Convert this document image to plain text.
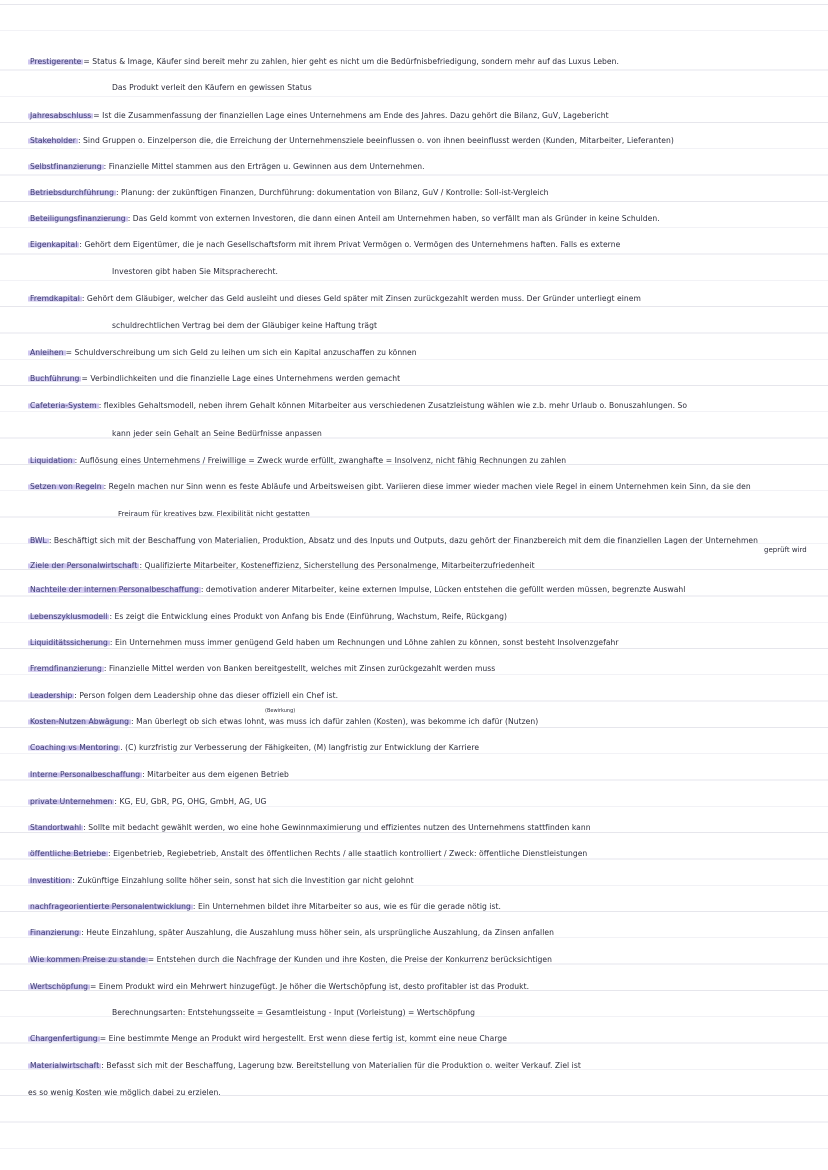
Prestigerente = Status & Image, Käufer sind bereit mehr zu zahlen, hier geht es nicht um die Bedürfnisbefriedigung, sondern mehr auf das Luxus Leben.
Das Produkt verleit den Käufern en gewissen Status
Jahresabschluss = Ist die Zusammenfassung der finanziellen Lage eines Unternehmens am Ende des Jahres. Dazu gehört die Bilanz, GuV, Lagebericht
Stakeholder : Sind Gruppen o. Einzelperson die, die Erreichung der Unternehmensziele beeinflussen o. von ihnen beeinflusst werden (Kunden, Mitarbeiter, Lieferanten)
Selbstfinanzierung : Finanzielle Mittel stammen aus den Erträgen u. Gewinnen aus dem Unternehmen.
Betriebsdurchführung : Planung: der zukünftigen Finanzen, Durchführung: dokumentation von Bilanz, GuV / Kontrolle: Soll-ist-Vergleich
Beteiligungsfinanzierung : Das Geld kommt von externen Investoren, die dann einen Anteil am Unternehmen haben, so verfällt man als Gründer in keine Schulden.
Eigenkapital : Gehört dem Eigentümer, die je nach Gesellschaftsform mit ihrem Privat Vermögen o. Vermögen des Unternehmens haften. Falls es externe
Investoren gibt haben Sie Mitspracherecht.
Fremdkapital : Gehört dem Gläubiger, welcher das Geld ausleiht und dieses Geld später mit Zinsen zurückgezahlt werden muss. Der Gründer unterliegt einem
schuldrechtlichen Vertrag bei dem der Gläubiger keine Haftung trägt
Anleihen = Schuldverschreibung um sich Geld zu leihen um sich ein Kapital anzuschaffen zu können
Buchführung = Verbindlichkeiten und die finanzielle Lage eines Unternehmens werden gemacht
Cafeteria-System : flexibles Gehaltsmodell, neben ihrem Gehalt können Mitarbeiter aus verschiedenen Zusatzleistung wählen wie z.b. mehr Urlaub o. Bonuszahlungen. So
kann jeder sein Gehalt an Seine Bedürfnisse anpassen
Liquidation : Auflösung eines Unternehmens / Freiwillige = Zweck wurde erfüllt, zwanghafte = Insolvenz, nicht fähig Rechnungen zu zahlen
Setzen von Regeln : Regeln machen nur Sinn wenn es feste Abläufe und Arbeitsweisen gibt. Variieren diese immer wieder machen viele Regel in einem Unternehmen kein Sinn, da sie den
Freiraum für kreatives bzw. Flexibilität nicht gestatten
BWL : Beschäftigt sich mit der Beschaffung von Materialien, Produktion, Absatz und des Inputs und Outputs, dazu gehört der Finanzbereich mit dem die finanziellen Lagen der Unternehmen
geprüft wird
Ziele der Personalwirtschaft : Qualifizierte Mitarbeiter, Kosteneffizienz, Sicherstellung des Personalmenge, Mitarbeiterzufriedenheit
Nachteile der internen Personalbeschaffung : demotivation anderer Mitarbeiter, keine externen Impulse, Lücken entstehen die gefüllt werden müssen, begrenzte Auswahl
Lebenszyklusmodell : Es zeigt die Entwicklung eines Produkt von Anfang bis Ende (Einführung, Wachstum, Reife, Rückgang)
Liquiditätssicherung : Ein Unternehmen muss immer genügend Geld haben um Rechnungen und Löhne zahlen zu können, sonst besteht Insolvenzgefahr
Fremdfinanzierung : Finanzielle Mittel werden von Banken bereitgestellt, welches mit Zinsen zurückgezahlt werden muss
Leadership : Person folgen dem Leadership ohne das dieser offiziell ein Chef ist.
(Bewirkung)
Kosten-Nutzen Abwägung : Man überlegt ob sich etwas lohnt, was muss ich dafür zahlen (Kosten), was bekomme ich dafür (Nutzen)
Coaching vs Mentoring . (C) kurzfristig zur Verbesserung der Fähigkeiten, (M) langfristig zur Entwicklung der Karriere
Interne Personalbeschaffung : Mitarbeiter aus dem eigenen Betrieb
private Unternehmen : KG, EU, GbR, PG, OHG, GmbH, AG, UG
Standortwahl : Sollte mit bedacht gewählt werden, wo eine hohe Gewinnmaximierung und effizientes nutzen des Unternehmens stattfinden kann
öffentliche Betriebe : Eigenbetrieb, Regiebetrieb, Anstalt des öffentlichen Rechts / alle staatlich kontrolliert / Zweck: öffentliche Dienstleistungen
Investition : Zukünftige Einzahlung sollte höher sein, sonst hat sich die Investition gar nicht gelohnt
nachfrageorientierte Personalentwicklung : Ein Unternehmen bildet ihre Mitarbeiter so aus, wie es für die gerade nötig ist.
Finanzierung : Heute Einzahlung, später Auszahlung, die Auszahlung muss höher sein, als ursprüngliche Auszahlung, da Zinsen anfallen
Wie kommen Preise zu stande = Entstehen durch die Nachfrage der Kunden und ihre Kosten, die Preise der Konkurrenz berücksichtigen
Wertschöpfung = Einem Produkt wird ein Mehrwert hinzugefügt. Je höher die Wertschöpfung ist, desto profitabler ist das Produkt.
Berechnungsarten: Entstehungsseite = Gesamtleistung - Input (Vorleistung) = Wertschöpfung
Chargenfertigung = Eine bestimmte Menge an Produkt wird hergestellt. Erst wenn diese fertig ist, kommt eine neue Charge
Materialwirtschaft : Befasst sich mit der Beschaffung, Lagerung bzw. Bereitstellung von Materialien für die Produktion o. weiter Verkauf. Ziel ist
es so wenig Kosten wie möglich dabei zu erzielen.
